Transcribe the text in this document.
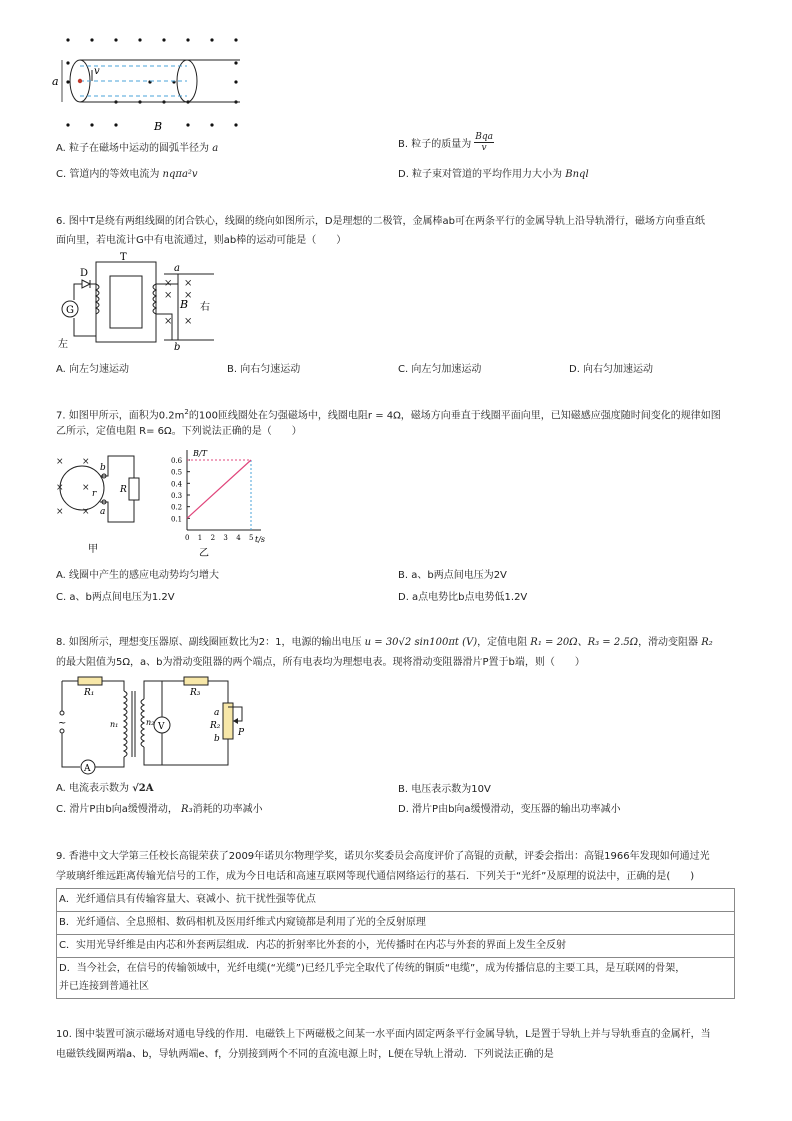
v
a
B
A. 粒子在磁场中运动的圆弧半径为 a	B. 粒子的质量为
Bqa
v
C. 管道内的等效电流为 nqπa²v	D. 粒子束对管道的平均作用力大小为 Bnql
6. 图中T是绕有两组线圈的闭合铁心，线圈的绕向如图所示，D是理想的二极管，金属棒ab可在两条平行的金属导轨上沿导轨滑行，磁场方向垂直纸
面向里，若电流计G中有电流通过，则ab棒的运动可能是（　　）
G
D
T
a
b
B
×
×
×
×
× ×
右
左
A. 向左匀速运动	B. 向右匀速运动	C. 向左匀加速运动	D. 向右匀加速运动
7. 如图甲所示，面积为$0.2m^2$的100匝线圈处在匀强磁场中，线圈电阻r = 4Ω，磁场方向垂直于线圈平面向里，已知磁感应强度随时间变化的规律如图
乙所示，定值电阻 R= 6Ω。下列说法正确的是（　　）
× ×
× ×
× ×
b
a
r	R
甲
B/T
t/s
乙
0.6
0.5
0.4
0.3
0.2
0.1
0 1 2 3 4 5
A. 线圈中产生的感应电动势均匀增大	B. a、b两点间电压为2V
C. a、b两点间电压为1.2V	D. a点电势比b点电势低1.2V
8. 如图所示，理想变压器原、副线圈匝数比为2：1，电源的输出电压 u = 30√2 sin100πt (V)，定值电阻 R₁ = 20Ω、R₃ = 2.5Ω，滑动变阻器 R₂
的最大阻值为5Ω，a、b为滑动变阻器的两个端点，所有电表均为理想电表。现将滑动变阻器滑片P置于b端，则（　　）
R₁
~
A
n₁	n₂
R₃
V
a
R₂
b
P
A. 电流表示数为 √2A	B. 电压表示数为10V
C. 滑片P由b向a缓慢滑动， R₃消耗的功率减小	D. 滑片P由b向a缓慢滑动，变压器的输出功率减小
9. 香港中文大学第三任校长高锟荣获了2009年诺贝尔物理学奖，诺贝尔奖委员会高度评价了高锟的贡献，评委会指出：高锟1966年发现如何通过光
学玻璃纤维远距离传输光信号的工作，成为今日电话和高速互联网等现代通信网络运行的基石．下列关于“光纤”及原理的说法中，正确的是(　　)
A．光纤通信具有传输容量大、衰减小、抗干扰性强等优点
B．光纤通信、全息照相、数码相机及医用纤维式内窥镜都是利用了光的全反射原理
C．实用光导纤维是由内芯和外套两层组成．内芯的折射率比外套的小，光传播时在内芯与外套的界面上发生全反射
D．当今社会，在信号的传输领域中，光纤电缆(“光缆”)已经几乎完全取代了传统的铜质“电缆”，成为传播信息的主要工具，是互联网的骨架，
并已连接到普通社区
10. 图中装置可演示磁场对通电导线的作用．电磁铁上下两磁极之间某一水平面内固定两条平行金属导轨，L是置于导轨上并与导轨垂直的金属杆，当
电磁铁线圈两端a、b，导轨两端e、f，分别接到两个不同的直流电源上时，L便在导轨上滑动．下列说法正确的是
